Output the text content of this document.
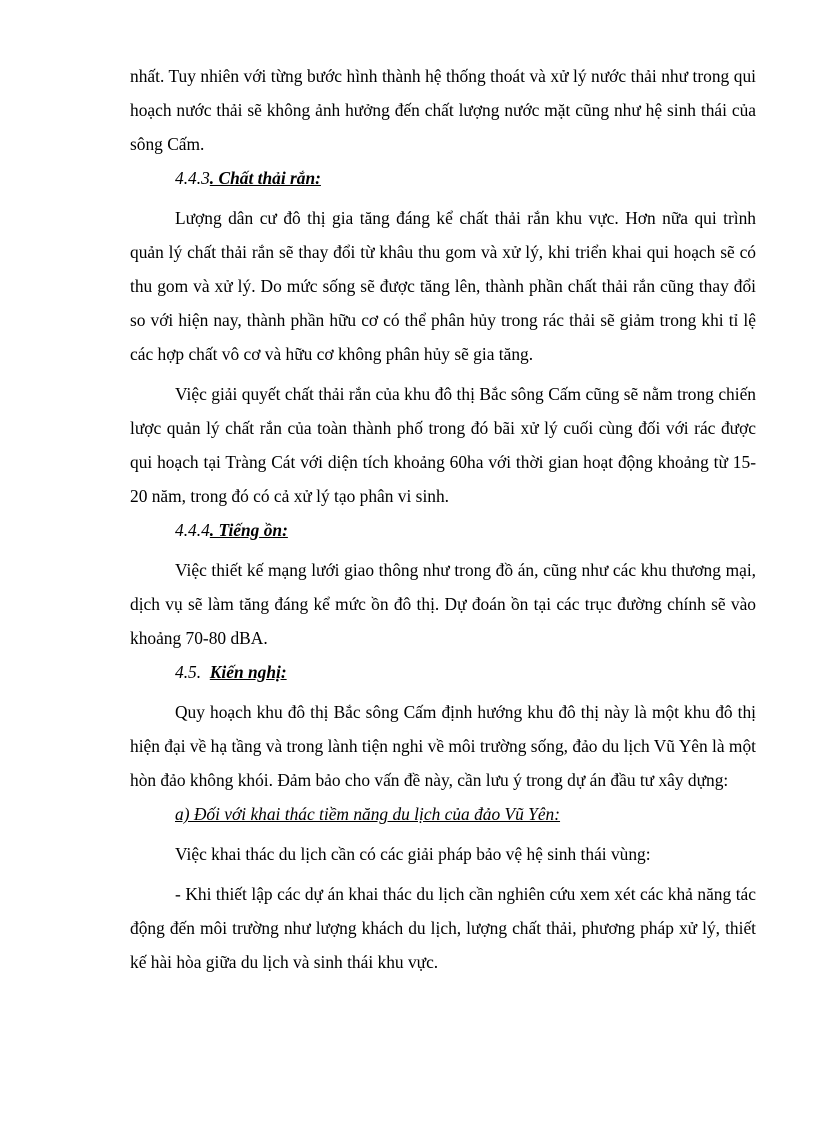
nhất. Tuy nhiên với từng bước hình thành hệ thống thoát và xử lý nước thải như trong qui hoạch nước thải sẽ không ảnh hưởng đến chất lượng nước mặt cũng như hệ sinh thái của sông Cấm.

4.4.3. Chất thải rắn:

Lượng dân cư đô thị gia tăng đáng kể chất thải rắn khu vực. Hơn nữa qui trình quản lý chất thải rắn sẽ thay đổi từ khâu thu gom và xử lý, khi triển khai qui hoạch sẽ có thu gom và xử lý. Do mức sống sẽ được tăng lên, thành phần chất thải rắn cũng thay đổi so với hiện nay, thành phần hữu cơ có thể phân hủy trong rác thải sẽ giảm trong khi tỉ lệ các hợp chất vô cơ và hữu cơ không phân hủy sẽ gia tăng.

Việc giải quyết chất thải rắn của khu đô thị Bắc sông Cấm cũng sẽ nằm trong chiến lược quản lý chất rắn của toàn thành phố trong đó bãi xử lý cuối cùng đối với rác được qui hoạch tại Tràng Cát với diện tích khoảng 60ha với thời gian hoạt động khoảng từ 15-20 năm, trong đó có cả xử lý tạo phân vi sinh.

4.4.4. Tiếng ồn:

Việc thiết kế mạng lưới giao thông như trong đồ án, cũng như các khu thương mại, dịch vụ sẽ làm tăng đáng kể mức ồn đô thị. Dự đoán ồn tại các trục đường chính sẽ vào khoảng 70-80 dBA.

4.5. Kiến nghị:

Quy hoạch khu đô thị Bắc sông Cấm định hướng khu đô thị này là một khu đô thị hiện đại về hạ tầng và trong lành tiện nghi về môi trường sống, đảo du lịch Vũ Yên là một hòn đảo không khói. Đảm bảo cho vấn đề này, cần lưu ý trong dự án đầu tư xây dựng:

a) Đối với khai thác tiềm năng du lịch của đảo Vũ Yên:

Việc khai thác du lịch cần có các giải pháp bảo vệ hệ sinh thái vùng:

- Khi thiết lập các dự án khai thác du lịch cần nghiên cứu xem xét các khả năng tác động đến môi trường như lượng khách du lịch, lượng chất thải, phương pháp xử lý, thiết kế hài hòa giữa du lịch và sinh thái khu vực.
